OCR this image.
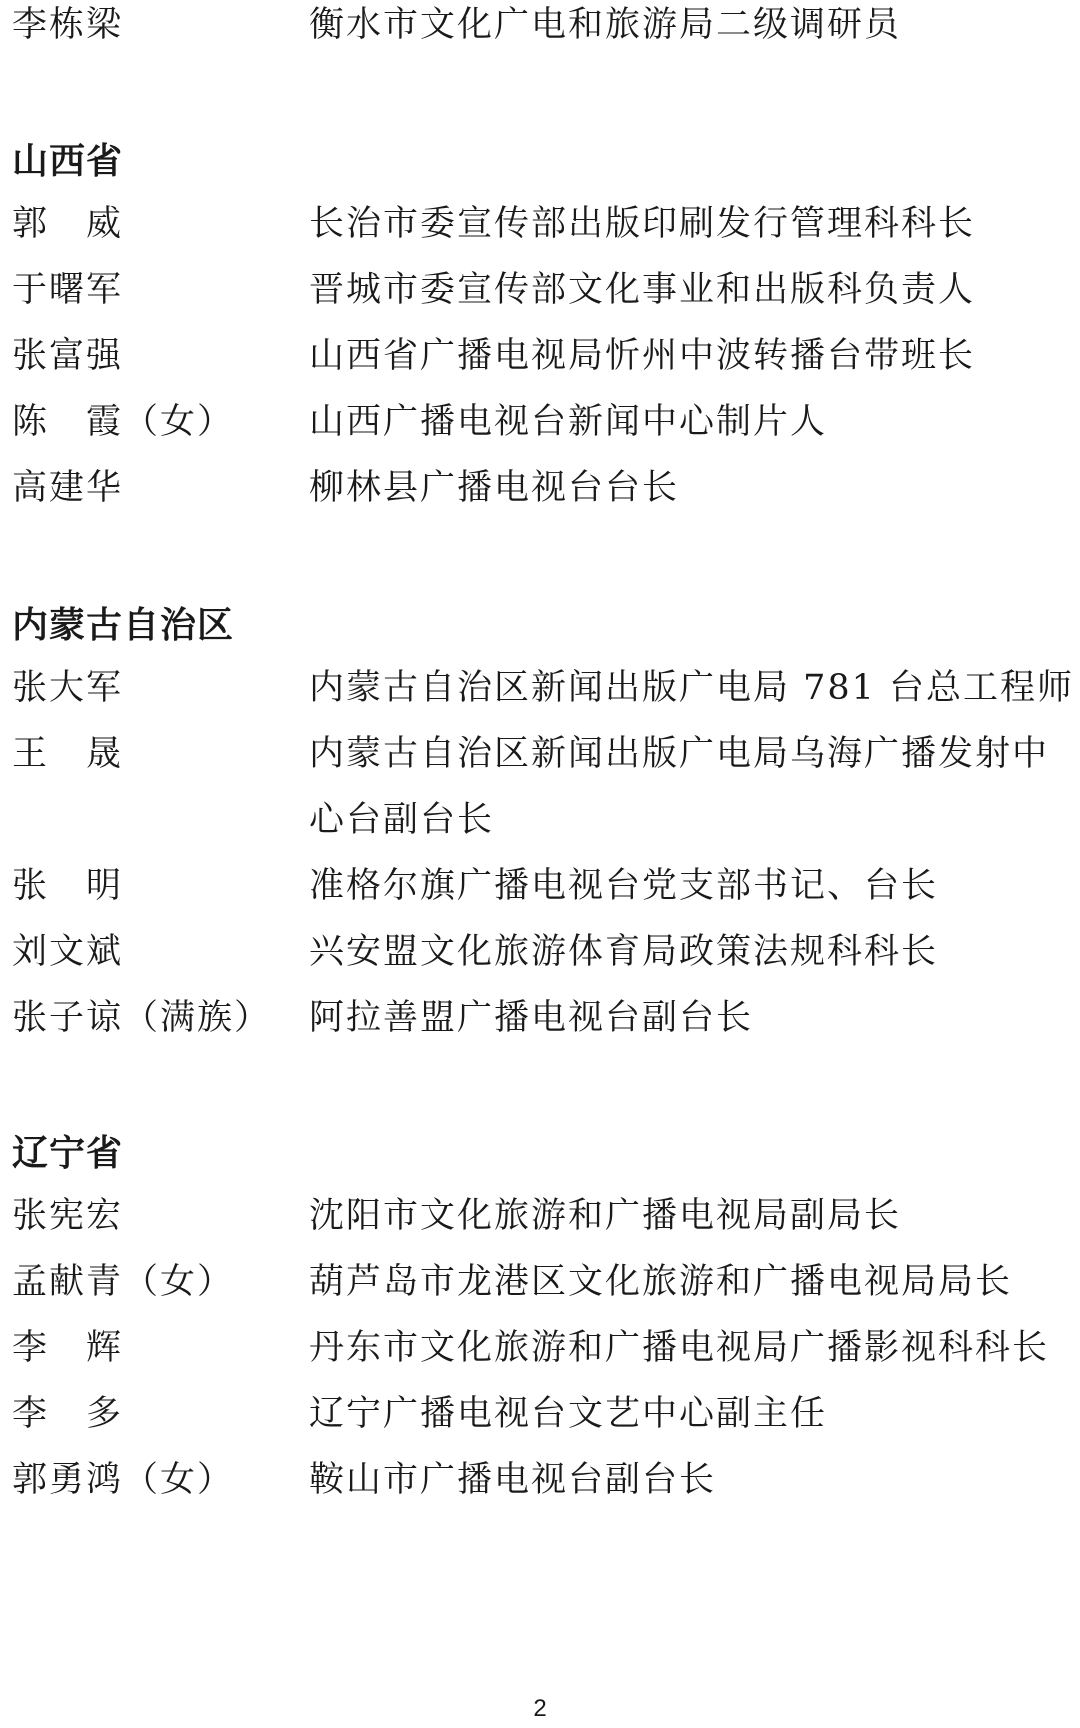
李栋梁	衡水市文化广电和旅游局二级调研员
山西省
郭　威	长治市委宣传部出版印刷发行管理科科长
于曙军	晋城市委宣传部文化事业和出版科负责人
张富强	山西省广播电视局忻州中波转播台带班长
陈　霞（女） 山西广播电视台新闻中心制片人
高建华	柳林县广播电视台台长
内蒙古自治区
张大军	内蒙古自治区新闻出版广电局 781 台总工程师
王　晟	内蒙古自治区新闻出版广电局乌海广播发射中
心台副台长
张　明	准格尔旗广播电视台党支部书记、台长
刘文斌	兴安盟文化旅游体育局政策法规科科长
张子谅（满族） 阿拉善盟广播电视台副台长
辽宁省
张宪宏	沈阳市文化旅游和广播电视局副局长
孟献青（女） 葫芦岛市龙港区文化旅游和广播电视局局长
李　辉	丹东市文化旅游和广播电视局广播影视科科长
李　多	辽宁广播电视台文艺中心副主任
郭勇鸿（女） 鞍山市广播电视台副台长
2
